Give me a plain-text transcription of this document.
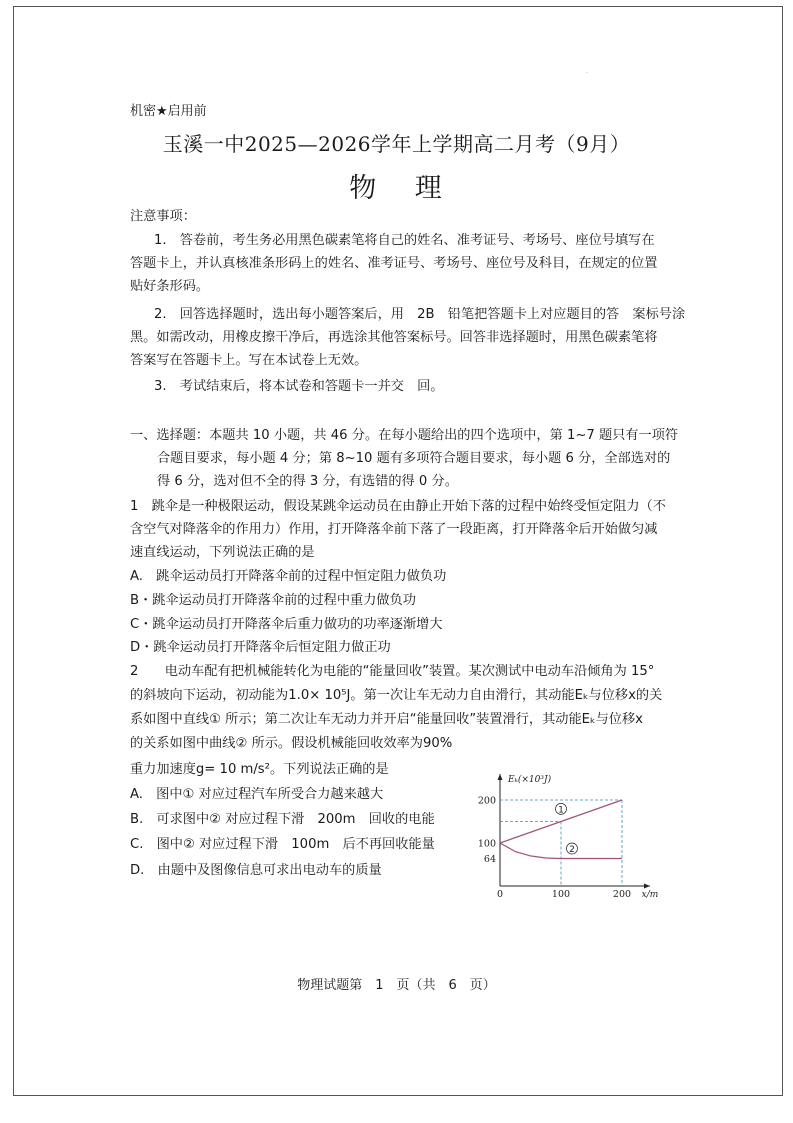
·
机密★启用前
玉溪一中2025—2026学年上学期高二月考（9月）
物 理
注意事项：
1.　答卷前，考生务必用黑色碳素笔将自己的姓名、准考证号、考场号、座位号填写在
答题卡上，并认真核准条形码上的姓名、准考证号、考场号、座位号及科目，在规定的位置
贴好条形码。
2.　回答选择题时，选出每小题答案后，用　2B　铅笔把答题卡上对应题目的答　案标号涂
黑。如需改动，用橡皮擦干净后，再选涂其他答案标号。回答非选择题时，用黑色碳素笔将
答案写在答题卡上。写在本试卷上无效。
3.　考试结束后，将本试卷和答题卡一并交　回。
一、选择题：本题共 10 小题，共 46 分。在每小题给出的四个选项中，第 1~7 题只有一项符
合题目要求，每小题 4 分；第 8~10 题有多项符合题目要求，每小题 6 分，全部选对的
得 6 分，选对但不全的得 3 分，有选错的得 0 分。
1　跳伞是一种极限运动，假设某跳伞运动员在由静止开始下落的过程中始终受恒定阻力（不
含空气对降落伞的作用力）作用，打开降落伞前下落了一段距离，打开降落伞后开始做匀减
速直线运动，下列说法正确的是
A.　跳伞运动员打开降落伞前的过程中恒定阻力做负功
B・跳伞运动员打开降落伞前的过程中重力做负功
C・跳伞运动员打开降落伞后重力做功的功率逐渐增大
D・跳伞运动员打开降落伞后恒定阻力做正功
2　　电动车配有把机械能转化为电能的“能量回收”装置。某次测试中电动车沿倾角为 15°
的斜坡向下运动，初动能为1.0× 10⁵J。第一次让车无动力自由滑行，其动能Eₖ与位移x的关
系如图中直线① 所示；第二次让车无动力并开启“能量回收”装置滑行，其动能Eₖ与位移x
的关系如图中曲线② 所示。假设机械能回收效率为90%
重力加速度g= 10 m/s²。下列说法正确的是
A.　图中① 对应过程汽车所受合力越来越大
B.　可求图中② 对应过程下滑　200m　回收的电能
C.　图中② 对应过程下滑　100m　后不再回收能量
D.　由题中及图像信息可求出电动车的质量
1
2
200
100
64
0	100	200
Eₖ(×10³J)
x/m
物理试题第　1　页（共　6　页）
